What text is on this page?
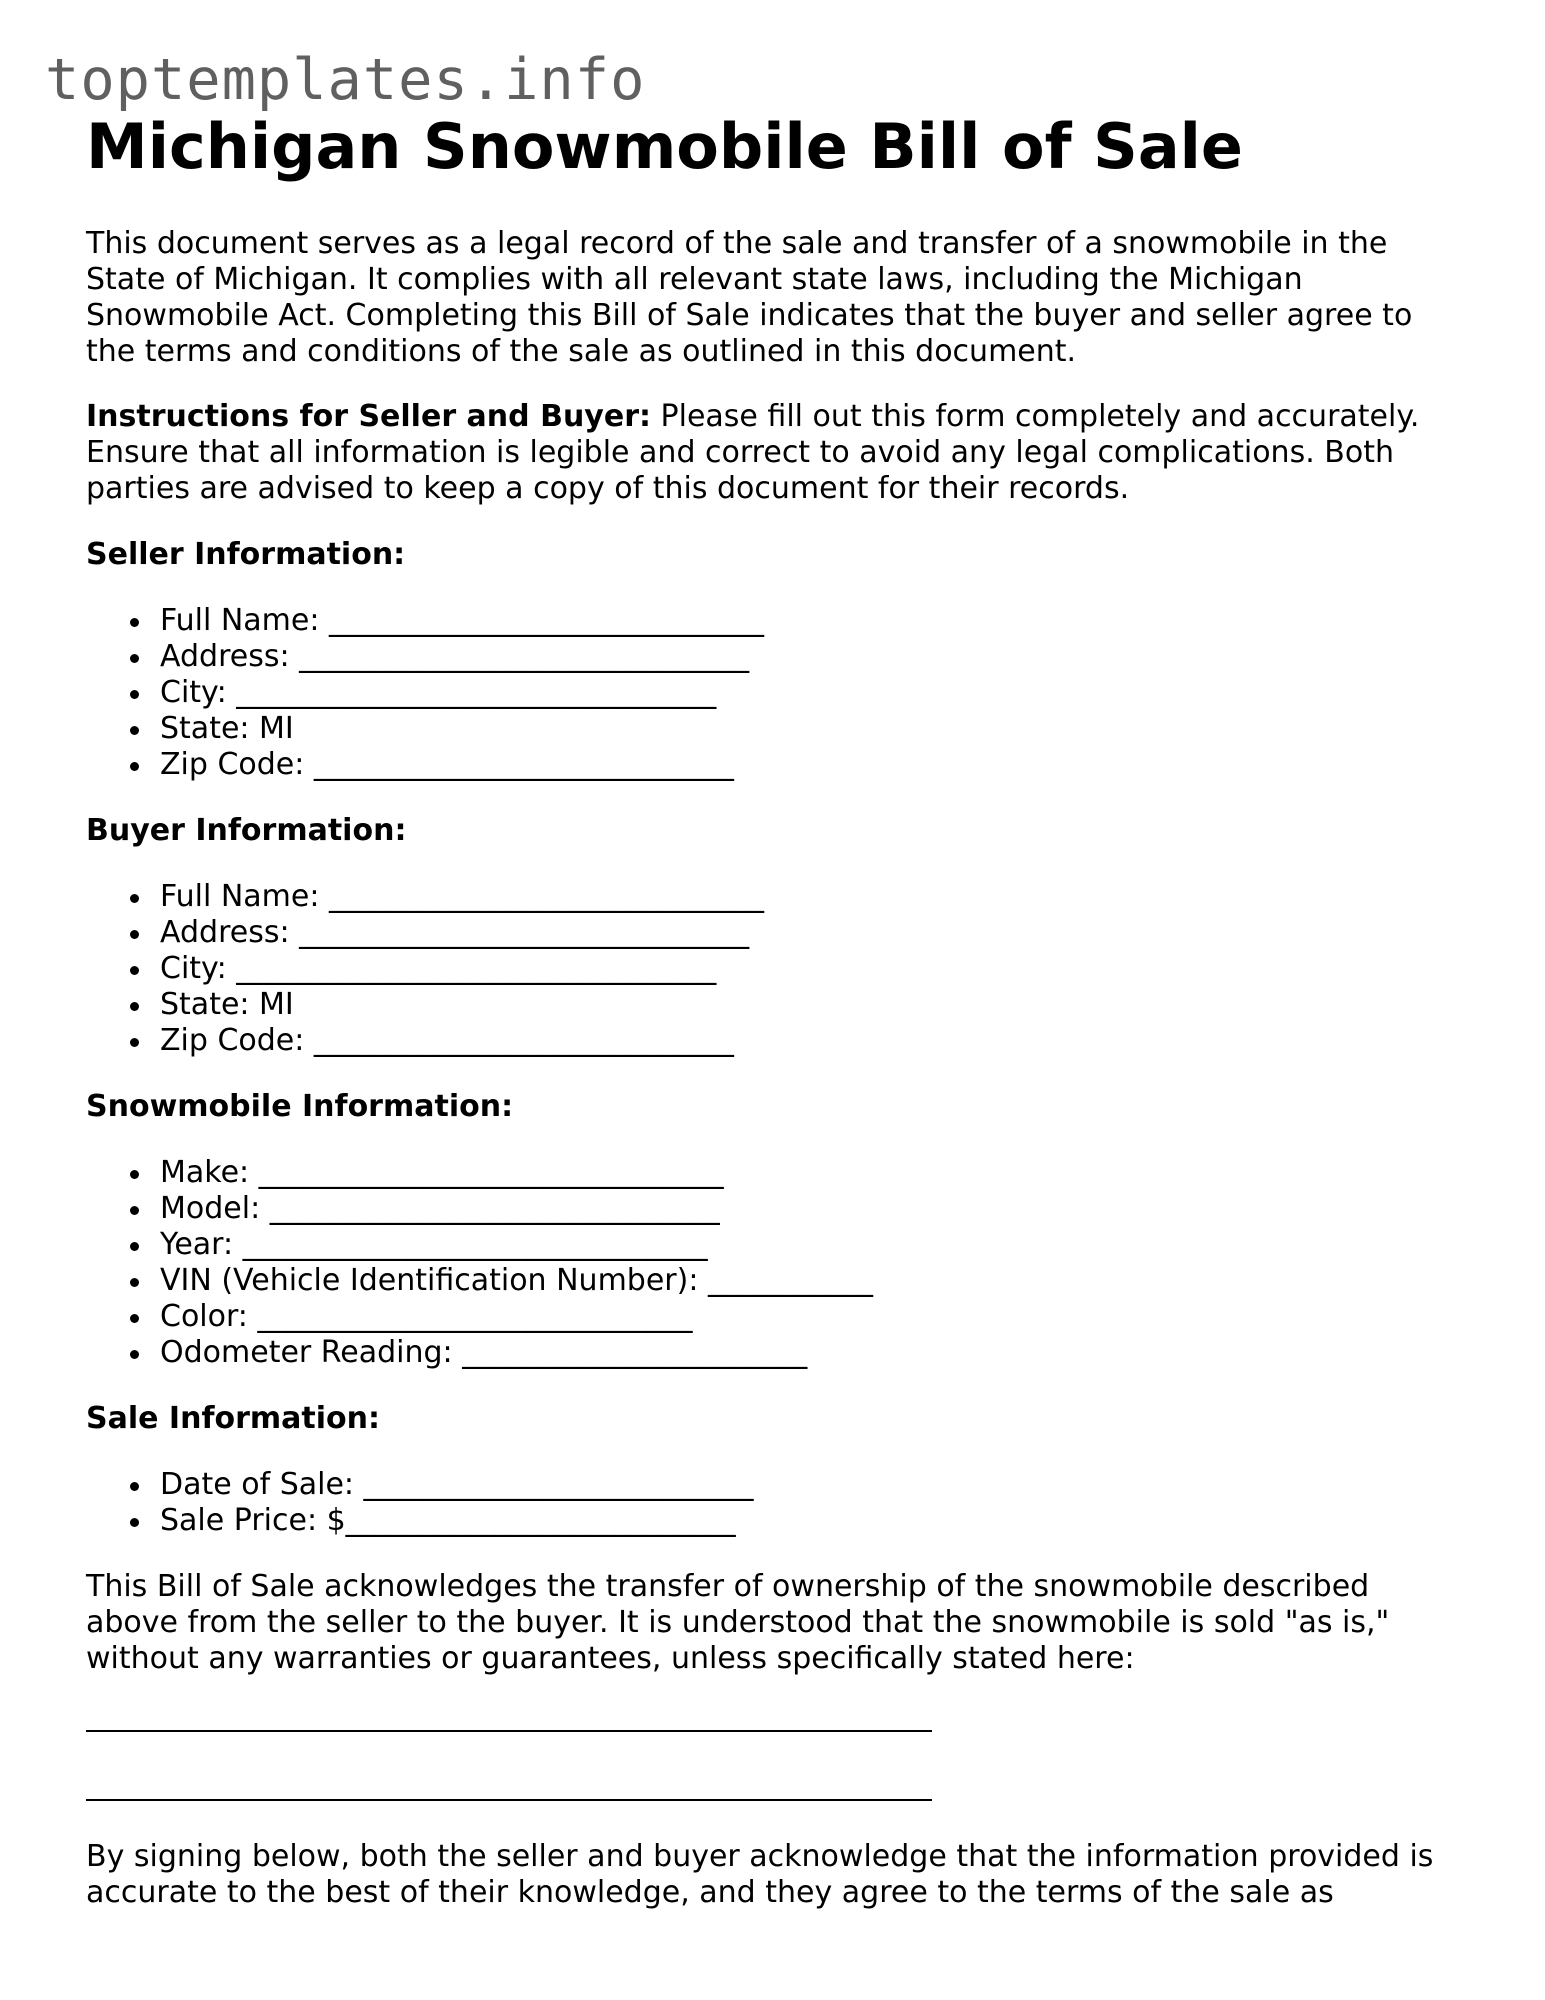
toptemplates.info
Michigan Snowmobile Bill of Sale

This document serves as a legal record of the sale and transfer of a snowmobile in the State of Michigan. It complies with all relevant state laws, including the Michigan Snowmobile Act. Completing this Bill of Sale indicates that the buyer and seller agree to the terms and conditions of the sale as outlined in this document.

Instructions for Seller and Buyer: Please fill out this form completely and accurately. Ensure that all information is legible and correct to avoid any legal complications. Both parties are advised to keep a copy of this document for their records.

Seller Information:
Full Name: _____________________________
Address: ______________________________
City: ________________________________
State: MI
Zip Code: ____________________________
Buyer Information:
Full Name: _____________________________
Address: ______________________________
City: ________________________________
State: MI
Zip Code: ____________________________
Snowmobile Information:
Make: _______________________________
Model: ______________________________
Year: _______________________________
VIN (Vehicle Identification Number): ___________
Color: _____________________________
Odometer Reading: _______________________
Sale Information:
Date of Sale: __________________________
Sale Price: $__________________________

This Bill of Sale acknowledges the transfer of ownership of the snowmobile described above from the seller to the buyer. It is understood that the snowmobile is sold "as is," without any warranties or guarantees, unless specifically stated here:

By signing below, both the seller and buyer acknowledge that the information provided is accurate to the best of their knowledge, and they agree to the terms of the sale as
